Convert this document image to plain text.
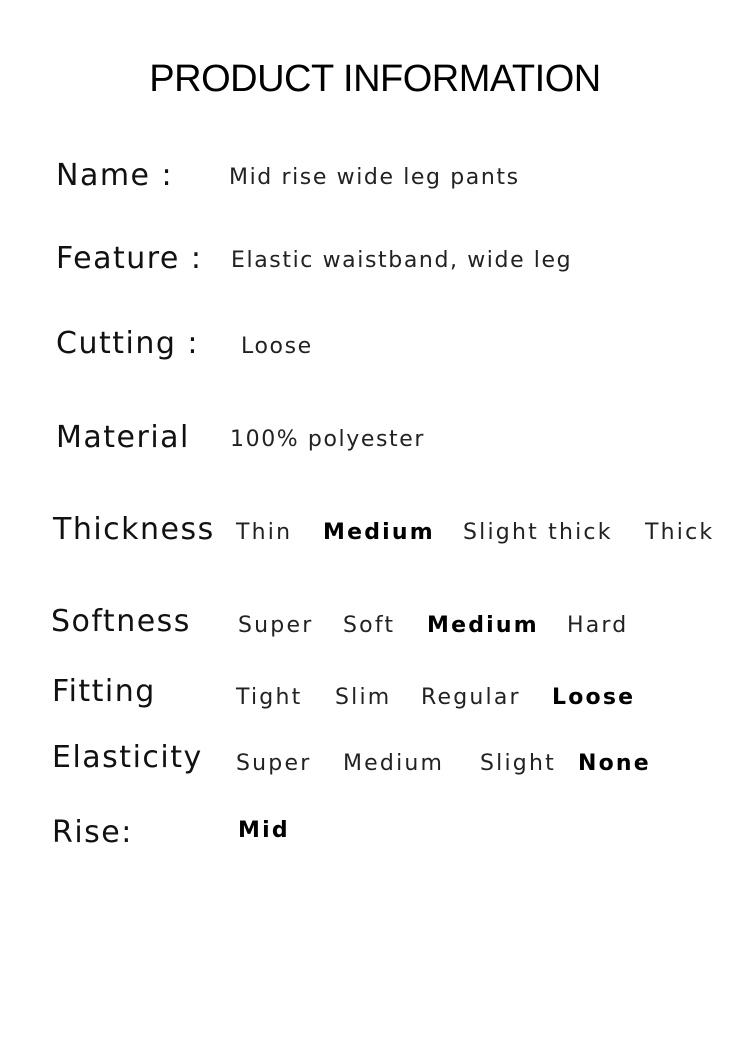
PRODUCT INFORMATION
Name :	Mid rise wide leg pants
Feature : Elastic waistband, wide leg
Cutting : Loose
Material 100% polyester
Thickness Thin Medium Slight thick Thick
Softness Super Soft Medium Hard
Fitting	Tight Slim Regular Loose
Elasticity Super Medium Slight None
Rise:	Mid
